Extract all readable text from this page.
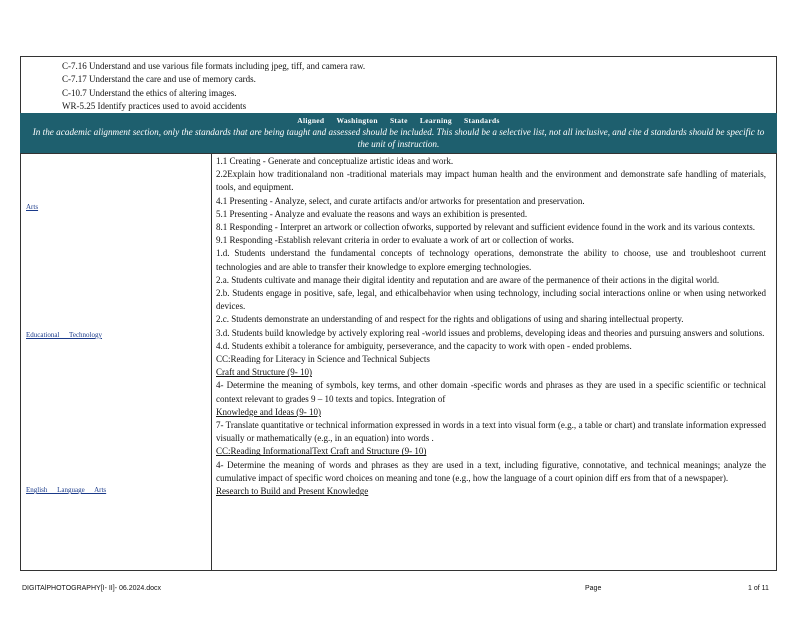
C-7.16 Understand and use various file formats including jpeg, tiff, and camera raw.
C-7.17 Understand the care and use of memory cards.
C-10.7 Understand the ethics of altering images.
WR-5.25 Identify practices used to avoid accidents
Aligned Washington State Learning Standards
In the academic alignment section, only the standards that are being taught and assessed should be included. This should be a selective list, not all inclusive, and cite d standards should be specific to the unit of instruction.
Arts
Educational Technology
English Language Arts

1.1 Creating - Generate and conceptualize artistic ideas and work.

2.2Explain how traditionaland non -traditional materials may impact human health and the environment and demonstrate safe handling of materials, tools, and equipment.

4.1 Presenting - Analyze, select, and curate artifacts and/or artworks for presentation and preservation.

5.1 Presenting - Analyze and evaluate the reasons and ways an exhibition is presented.

8.1 Responding - Interpret an artwork or collection ofworks, supported by relevant and sufficient evidence found in the work and its various contexts.

9.1 Responding -Establish relevant criteria in order to evaluate a work of art or collection of works.

1.d. Students understand the fundamental concepts of technology operations, demonstrate the ability to choose, use and troubleshoot current technologies and are able to transfer their knowledge to explore emerging technologies.

2.a. Students cultivate and manage their digital identity and reputation and are aware of the permanence of their actions in the digital world.

2.b. Students engage in positive, safe, legal, and ethicalbehavior when using technology, including social interactions online or when using networked devices.

2.c. Students demonstrate an understanding of and respect for the rights and obligations of using and sharing intellectual property.

3.d. Students build knowledge by actively exploring real -world issues and problems, developing ideas and theories and pursuing answers and solutions.

4.d. Students exhibit a tolerance for ambiguity, perseverance, and the capacity to work with open - ended problems.

CC:Reading for Literacy in Science and Technical Subjects

Craft and Structure (9- 10)

4- Determine the meaning of symbols, key terms, and other domain -specific words and phrases as they are used in a specific scientific or technical context relevant to grades 9 – 10 texts and topics. Integration of

Knowledge and Ideas (9- 10)

7- Translate quantitative or technical information expressed in words in a text into visual form (e.g., a table or chart) and translate information expressed visually or mathematically (e.g., in an equation) into words .

CC:Reading InformationalText Craft and Structure (9- 10)

4- Determine the meaning of words and phrases as they are used in a text, including figurative, connotative, and technical meanings; analyze the cumulative impact of specific word choices on meaning and tone (e.g., how the language of a court opinion diff ers from that of a newspaper).

Research to Build and Present Knowledge

DIGITAlPHOTOGRAPHY[I- II]- 06.2024.docx	Page	1 of 11
